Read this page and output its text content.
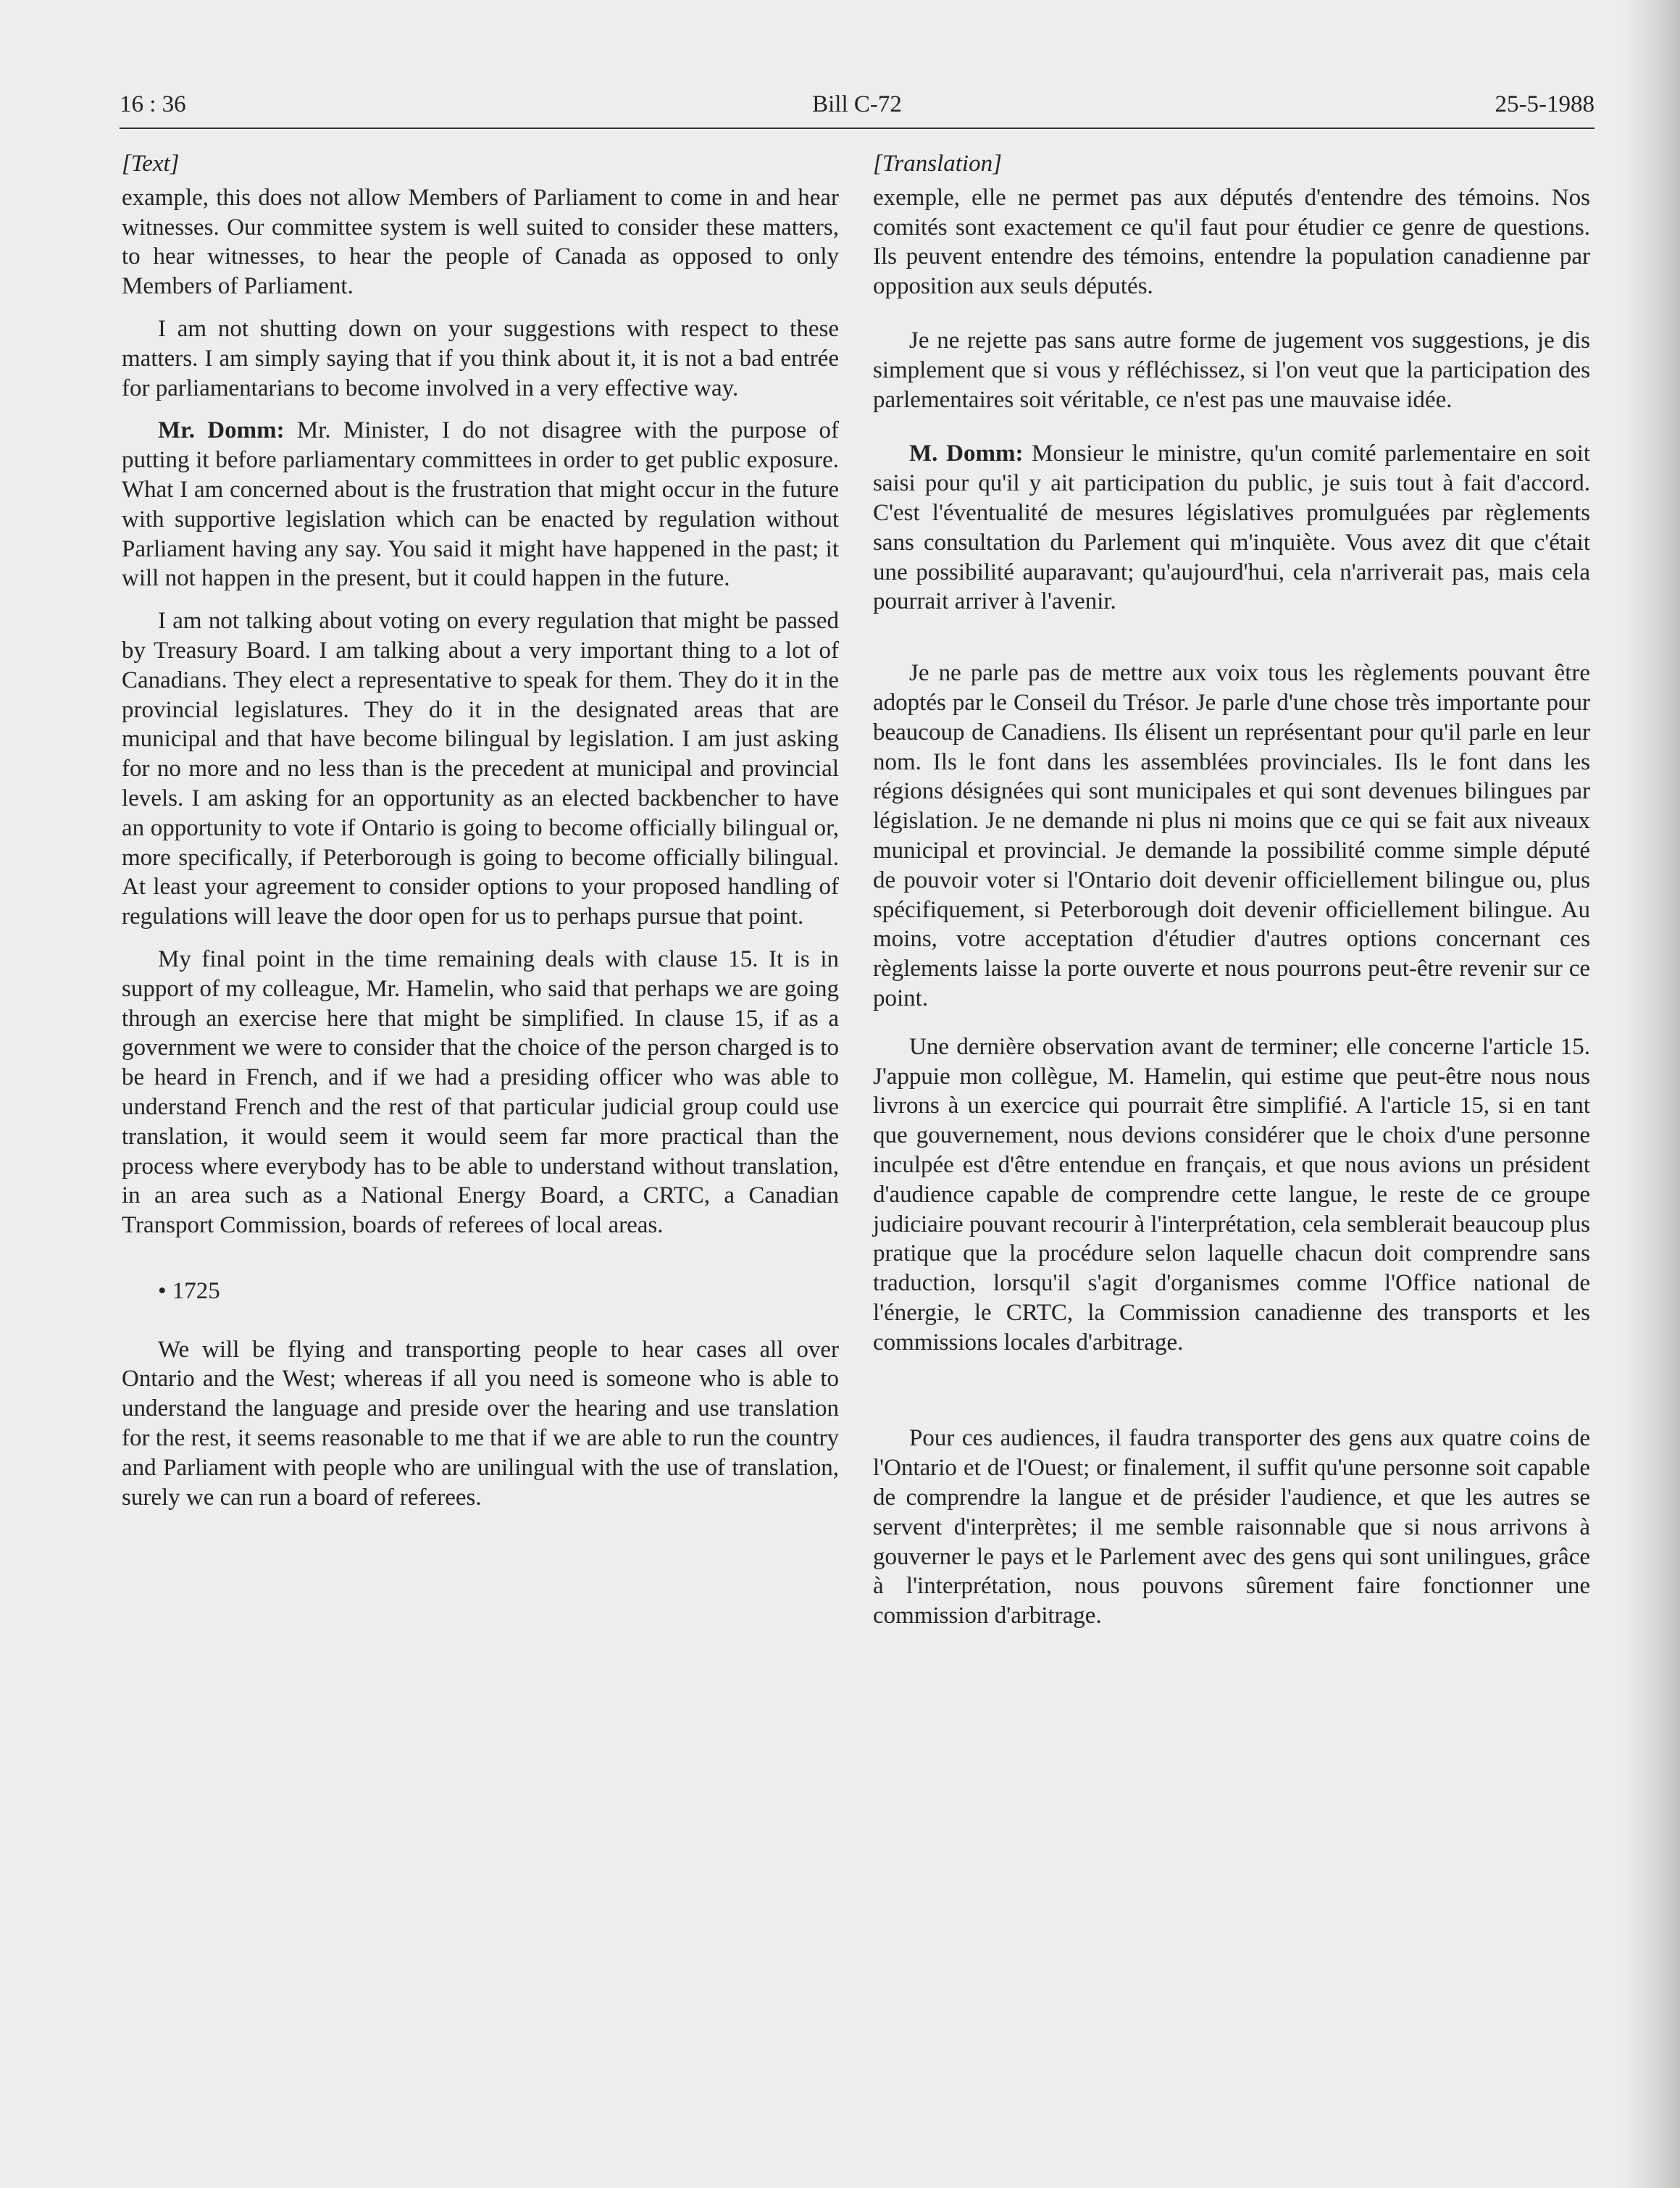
16 : 36	Bill C-72	25-5-1988
[Text]

example, this does not allow Members of Parliament to come in and hear witnesses. Our committee system is well suited to consider these matters, to hear witnesses, to hear the people of Canada as opposed to only Members of Parliament.

I am not shutting down on your suggestions with respect to these matters. I am simply saying that if you think about it, it is not a bad entrée for parliamentarians to become involved in a very effective way.

Mr. Domm: Mr. Minister, I do not disagree with the purpose of putting it before parliamentary committees in order to get public exposure. What I am concerned about is the frustration that might occur in the future with supportive legislation which can be enacted by regulation without Parliament having any say. You said it might have happened in the past; it will not happen in the present, but it could happen in the future.

I am not talking about voting on every regulation that might be passed by Treasury Board. I am talking about a very important thing to a lot of Canadians. They elect a representative to speak for them. They do it in the provincial legislatures. They do it in the designated areas that are municipal and that have become bilingual by legislation. I am just asking for no more and no less than is the precedent at municipal and provincial levels. I am asking for an opportunity as an elected backbencher to have an opportunity to vote if Ontario is going to become officially bilingual or, more specifically, if Peterborough is going to become officially bilingual. At least your agreement to consider options to your proposed handling of regulations will leave the door open for us to perhaps pursue that point.

My final point in the time remaining deals with clause 15. It is in support of my colleague, Mr. Hamelin, who said that perhaps we are going through an exercise here that might be simplified. In clause 15, if as a government we were to consider that the choice of the person charged is to be heard in French, and if we had a presiding officer who was able to understand French and the rest of that particular judicial group could use translation, it would seem it would seem far more practical than the process where everybody has to be able to understand without translation, in an area such as a National Energy Board, a CRTC, a Canadian Transport Commission, boards of referees of local areas.

• 1725

We will be flying and transporting people to hear cases all over Ontario and the West; whereas if all you need is someone who is able to understand the language and preside over the hearing and use translation for the rest, it seems reasonable to me that if we are able to run the country and Parliament with people who are unilingual with the use of translation, surely we can run a board of referees.

[Translation]

exemple, elle ne permet pas aux députés d'entendre des témoins. Nos comités sont exactement ce qu'il faut pour étudier ce genre de questions. Ils peuvent entendre des témoins, entendre la population canadienne par opposition aux seuls députés.

Je ne rejette pas sans autre forme de jugement vos suggestions, je dis simplement que si vous y réfléchissez, si l'on veut que la participation des parlementaires soit véritable, ce n'est pas une mauvaise idée.

M. Domm: Monsieur le ministre, qu'un comité parlementaire en soit saisi pour qu'il y ait participation du public, je suis tout à fait d'accord. C'est l'éventualité de mesures législatives promulguées par règlements sans consultation du Parlement qui m'inquiète. Vous avez dit que c'était une possibilité auparavant; qu'aujourd'hui, cela n'arriverait pas, mais cela pourrait arriver à l'avenir.

Je ne parle pas de mettre aux voix tous les règlements pouvant être adoptés par le Conseil du Trésor. Je parle d'une chose très importante pour beaucoup de Canadiens. Ils élisent un représentant pour qu'il parle en leur nom. Ils le font dans les assemblées provinciales. Ils le font dans les régions désignées qui sont municipales et qui sont devenues bilingues par législation. Je ne demande ni plus ni moins que ce qui se fait aux niveaux municipal et provincial. Je demande la possibilité comme simple député de pouvoir voter si l'Ontario doit devenir officiellement bilingue ou, plus spécifiquement, si Peterborough doit devenir officiellement bilingue. Au moins, votre acceptation d'étudier d'autres options concernant ces règlements laisse la porte ouverte et nous pourrons peut-être revenir sur ce point.

Une dernière observation avant de terminer; elle concerne l'article 15. J'appuie mon collègue, M. Hamelin, qui estime que peut-être nous nous livrons à un exercice qui pourrait être simplifié. A l'article 15, si en tant que gouvernement, nous devions considérer que le choix d'une personne inculpée est d'être entendue en français, et que nous avions un président d'audience capable de comprendre cette langue, le reste de ce groupe judiciaire pouvant recourir à l'interprétation, cela semblerait beaucoup plus pratique que la procédure selon laquelle chacun doit comprendre sans traduction, lorsqu'il s'agit d'organismes comme l'Office national de l'énergie, le CRTC, la Commission canadienne des transports et les commissions locales d'arbitrage.

Pour ces audiences, il faudra transporter des gens aux quatre coins de l'Ontario et de l'Ouest; or finalement, il suffit qu'une personne soit capable de comprendre la langue et de présider l'audience, et que les autres se servent d'interprètes; il me semble raisonnable que si nous arrivons à gouverner le pays et le Parlement avec des gens qui sont unilingues, grâce à l'interprétation, nous pouvons sûrement faire fonctionner une commission d'arbitrage.
